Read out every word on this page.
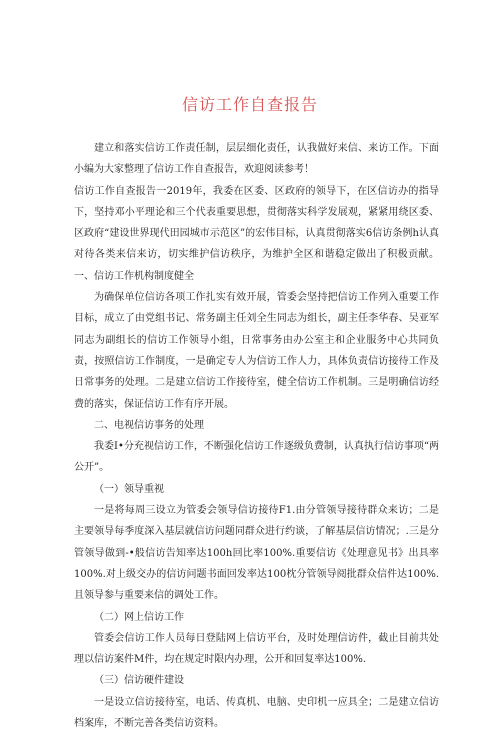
信访工作自查报告

建立和落实信访工作责任制，层层细化责任，认我做好来信、来访工作。下面小编为大家整理了信访工作自查报告，欢迎阅读参考！

信访工作自查报告一2019年，我委在区委、区政府的领导下，在区信访办的指导下，坚持邓小平理论和三个代表重要思想，贯彻落实科学发展观，紧紧用绕区委、区政府“建设世界现代田园城市示范区”的宏伟目标，认真贯彻落实6信访条例h认真对待各类来信来访，切实维护信访秩序，为维护全区和谐稳定做出了积极贡献。一、信访工作机构制度健全

为确保单位信访各项工作扎实有效开展，管委会坚持把信访工作列入重要工作目标，成立了由党组书记、常务副主任刘全生同志为组长，副主任李华春、吴亚军同志为副组长的信访工作领导小组，日常事务由办公室主和企业服务中心共同负责，按照信访工作制度，一是确定专人为信访工作人力，具体负责信访接待工作及日常事务的处理。二是建立信访工作接待室，健全信访工作机制。三是明确信访经费的落实，保证信访工作有序开展。

二、电视信访事务的处理

我委I•分充视信访工作，不断强化信访工作逐级负费制，认真执行信访事项“两公开”。

（一）领导重视

一是将每周三设立为管委会领导信访接待F1.由分管领导接待群众来访；二是主要领导每季度深入基层就信访问题同群众进行约谈，了解基层信访情况；.三是分管领导做到-•般信访告知率达100h回比率100%.重要信访《处理意见书》出具率100%.对上级交办的信访问题书面回发率达100枕分管领导阅批群众信件达100%.且领导参与重要来信的调处工作。

（二）网上信访工作

管委会信访工作人员每日登陆网上信访平台，及时处理信访件，截止目前共处理以信访案件M件，均在规定时限内办理，公开和回复率达100%.

（三）信访硬件建设

一是设立信访接待室，电话、传真机、电脑、史印机一应具全；二是建立信访档案库，不断完善各类信访资料。
